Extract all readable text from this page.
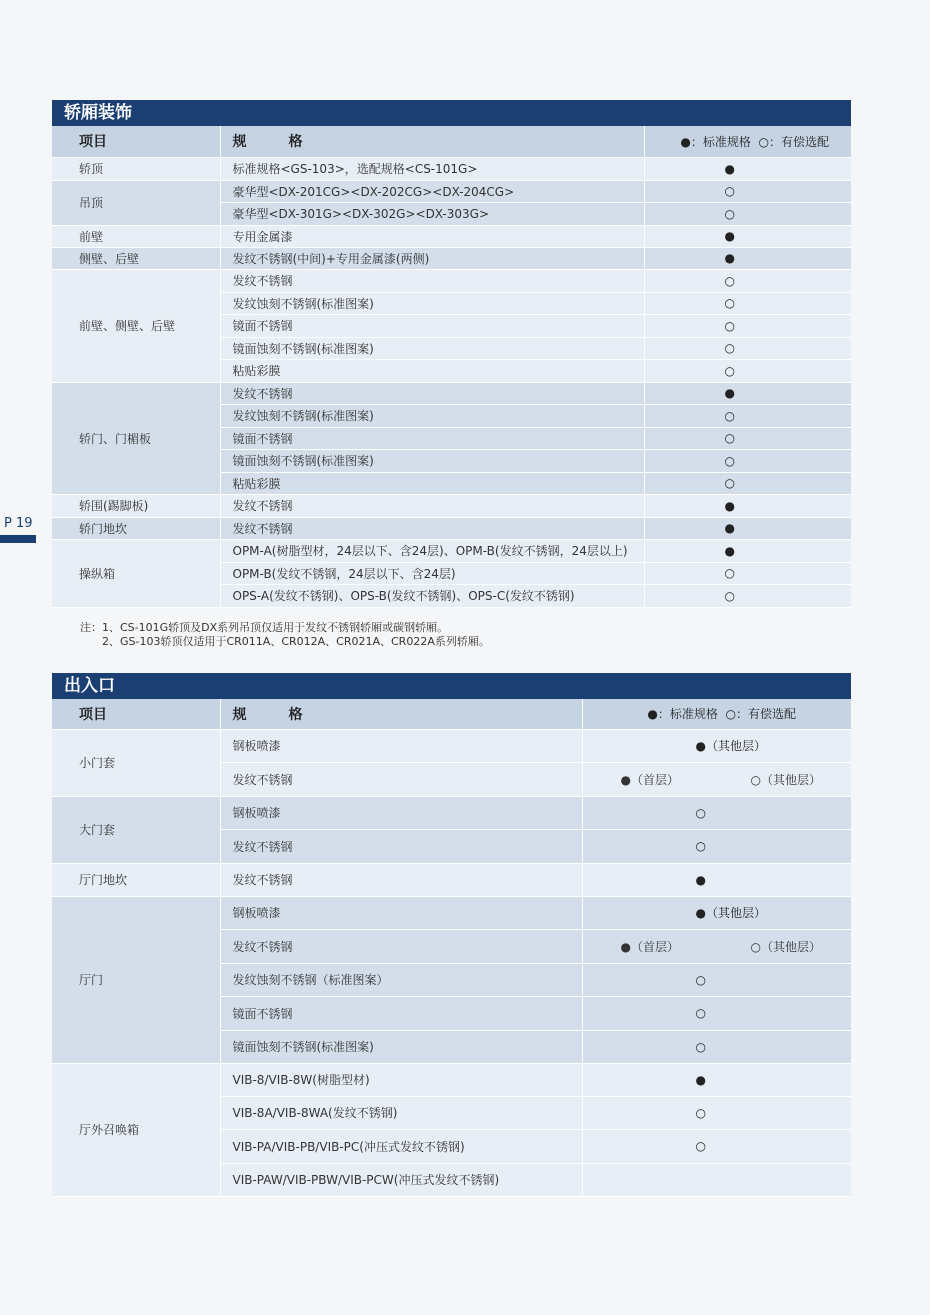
P 19
轿厢装饰
项目	规　　　格	●：标准规格 ○：有偿选配
轿顶	标准规格<GS-103>，选配规格<CS-101G>	●

吊顶	豪华型<DX-201CG><DX-202CG><DX-204CG>	○

	豪华型<DX-301G><DX-302G><DX-303G>	○

前壁	专用金属漆	●

侧壁、后壁	发纹不锈钢(中间)+专用金属漆(两侧)	●

前壁、侧壁、后壁	发纹不锈钢	○

	发纹蚀刻不锈钢(标准图案)	○

	镜面不锈钢	○

	镜面蚀刻不锈钢(标准图案)	○

	粘贴彩膜	○

轿门、门楣板	发纹不锈钢	●

	发纹蚀刻不锈钢(标准图案)	○

	镜面不锈钢	○

	镜面蚀刻不锈钢(标准图案)	○

	粘贴彩膜	○

轿围(踢脚板)	发纹不锈钢	●

轿门地坎	发纹不锈钢	●

操纵箱	OPM-A(树脂型材，24层以下、含24层)、OPM-B(发纹不锈钢，24层以上)	●

	OPM-B(发纹不锈钢，24层以下、含24层)	○

	OPS-A(发纹不锈钢)、OPS-B(发纹不锈钢)、OPS-C(发纹不锈钢)	○
注：1、CS-101G轿顶及DX系列吊顶仅适用于发纹不锈钢轿厢或碳钢轿厢。
2、GS-103轿顶仅适用于CR011A、CR012A、CR021A、CR022A系列轿厢。
出入口
项目	规　　　格	●：标准规格 ○：有偿选配
小门套	钢板喷漆	●（其他层）

	发纹不锈钢	●（首层） ○（其他层）

大门套	钢板喷漆	○

	发纹不锈钢	○

厅门地坎	发纹不锈钢	●

厅门	钢板喷漆	●（其他层）

	发纹不锈钢	●（首层） ○（其他层）

	发纹蚀刻不锈钢（标准图案）	○

	镜面不锈钢	○

	镜面蚀刻不锈钢(标准图案)	○

厅外召唤箱	VIB-8/VIB-8W(树脂型材)	●

	VIB-8A/VIB-8WA(发纹不锈钢)	○

	VIB-PA/VIB-PB/VIB-PC(冲压式发纹不锈钢)	○

	VIB-PAW/VIB-PBW/VIB-PCW(冲压式发纹不锈钢)	
